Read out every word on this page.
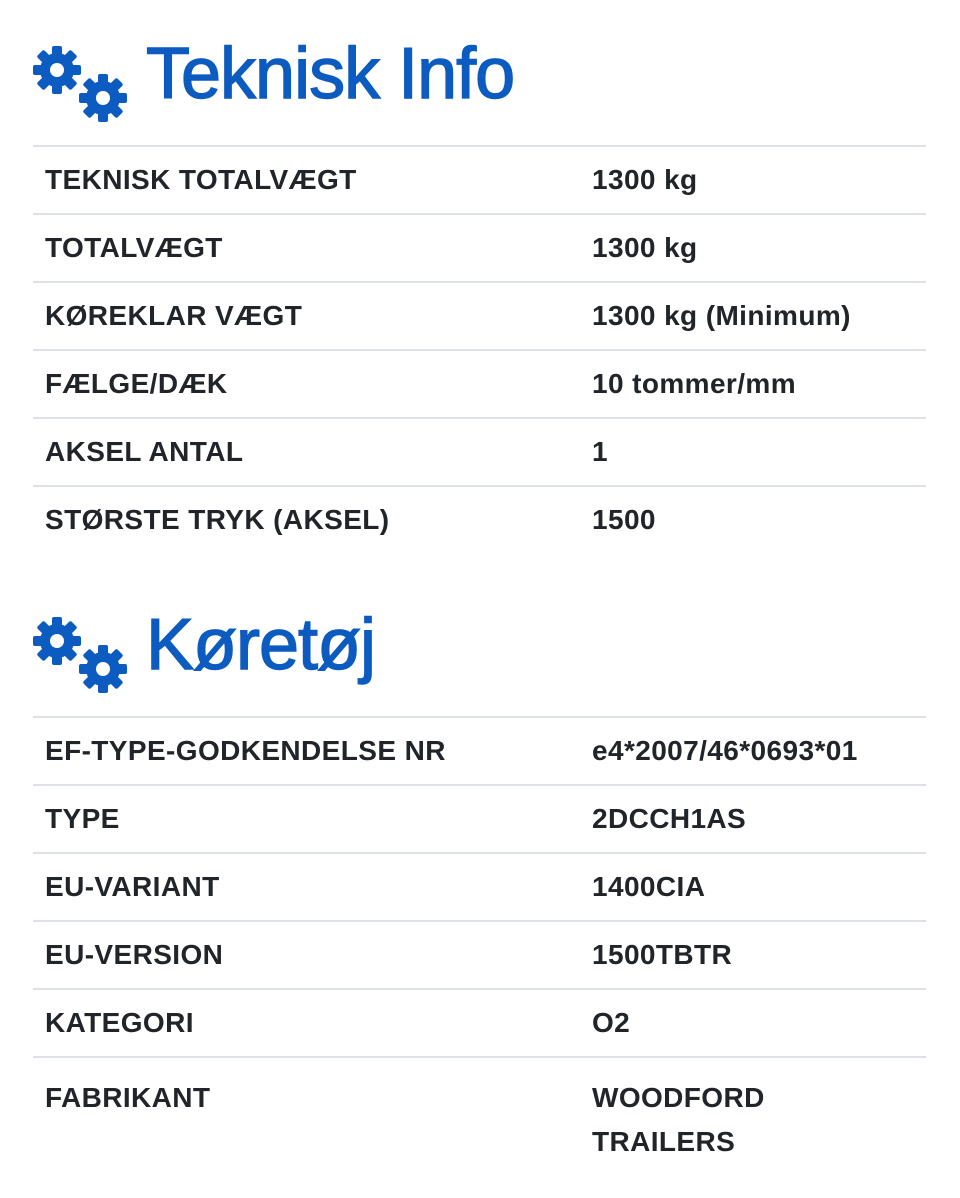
Teknisk Info
TEKNISK TOTALVÆGT	1300 kg
TOTALVÆGT	1300 kg
KØREKLAR VÆGT	1300 kg (Minimum)
FÆLGE/DÆK	10 tommer/mm
AKSEL ANTAL	1
STØRSTE TRYK (AKSEL)	1500
Køretøj
EF-TYPE-GODKENDELSE NR	e4*2007/46*0693*01
TYPE	2DCCH1AS
EU-VARIANT	1400CIA
EU-VERSION	1500TBTR
KATEGORI	O2
FABRIKANT	WOODFORD TRAILERS
